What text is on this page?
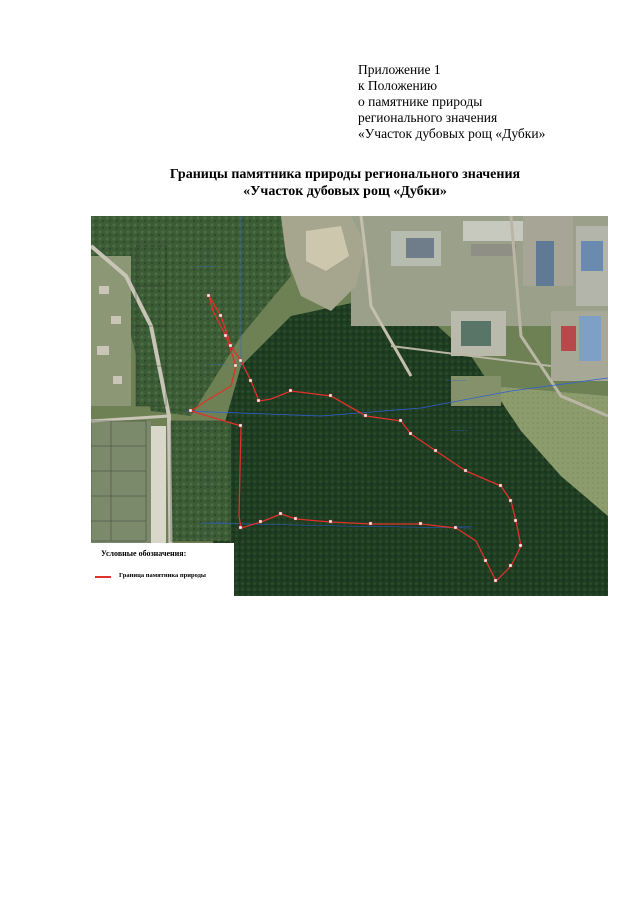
Приложение 1
к Положению
о памятнике природы
регионального значения
«Участок дубовых рощ «Дубки»
Границы памятника природы регионального значения
«Участок дубовых рощ «Дубки»
~~~~~~
~~~~~
~~~~~~
~~~~~
~~~~~
~~~~~
Условные обозначения:
Граница памятника природы
